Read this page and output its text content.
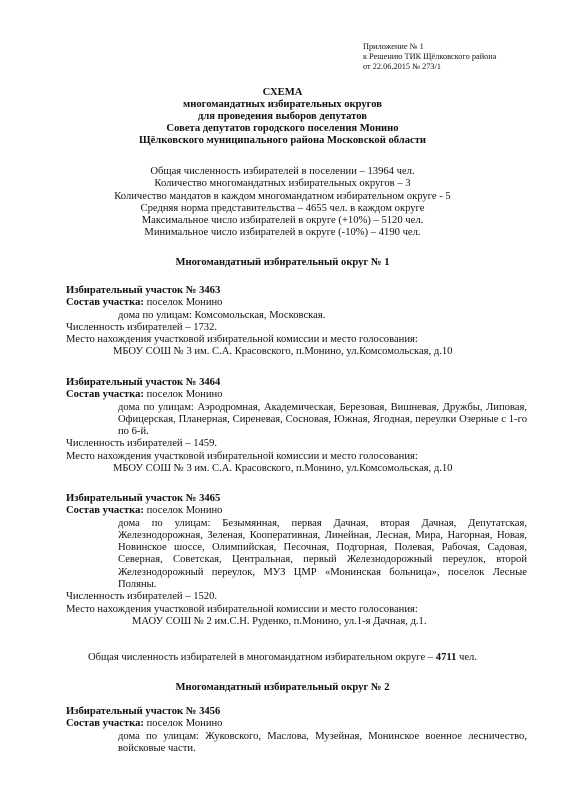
Приложение № 1
к Решению ТИК Щёлковского района
от 22.06.2015 № 273/1
СХЕМА
многомандатных избирательных округов
для проведения выборов депутатов
Совета депутатов городского поселения Монино
Щёлковского муниципального района Московской области
Общая численность избирателей в поселении – 13964 чел.
Количество многомандатных избирательных округов – 3
Количество мандатов в каждом многомандатном избирательном округе - 5
Средняя норма представительства – 4655 чел. в каждом округе
Максимальное число избирателей в округе (+10%) – 5120 чел.
Минимальное число избирателей в округе (-10%) – 4190 чел.
Многомандатный избирательный округ № 1
Избирательный участок № 3463
Состав участка: поселок Монино
дома по улицам: Комсомольская, Московская.
Численность избирателей – 1732.
Место нахождения участковой избирательной комиссии и место голосования:
МБОУ СОШ № 3 им. С.А. Красовского, п.Монино, ул.Комсомольская, д.10
Избирательный участок № 3464
Состав участка: поселок Монино
дома по улицам: Аэродромная, Академическая, Березовая, Вишневая, Дружбы, Липовая, Офицерская, Планерная, Сиреневая, Сосновая, Южная, Ягодная, переулки Озерные с 1-го по 6-й.
Численность избирателей – 1459.
Место нахождения участковой избирательной комиссии и место голосования:
МБОУ СОШ № 3 им. С.А. Красовского, п.Монино, ул.Комсомольская, д.10
Избирательный участок № 3465
Состав участка: поселок Монино
дома по улицам: Безымянная, первая Дачная, вторая Дачная, Депутатская, Железнодорожная, Зеленая, Кооперативная, Линейная, Лесная, Мира, Нагорная, Новая, Новинское шоссе, Олимпийская, Песочная, Подгорная, Полевая, Рабочая, Садовая, Северная, Советская, Центральная, первый Железнодорожный переулок, второй Железнодорожный переулок, МУЗ ЦМР «Монинская больница», поселок Лесные Поляны.
Численность избирателей – 1520.
Место нахождения участковой избирательной комиссии и место голосования:
МАОУ СОШ № 2 им.С.Н. Руденко, п.Монино, ул.1-я Дачная, д.1.
Общая численность избирателей в многомандатном избирательном округе – 4711 чел.
Многомандатный избирательный округ № 2
Избирательный участок № 3456
Состав участка: поселок Монино
дома по улицам: Жуковского, Маслова, Музейная, Монинское военное лесничество, войсковые части.
